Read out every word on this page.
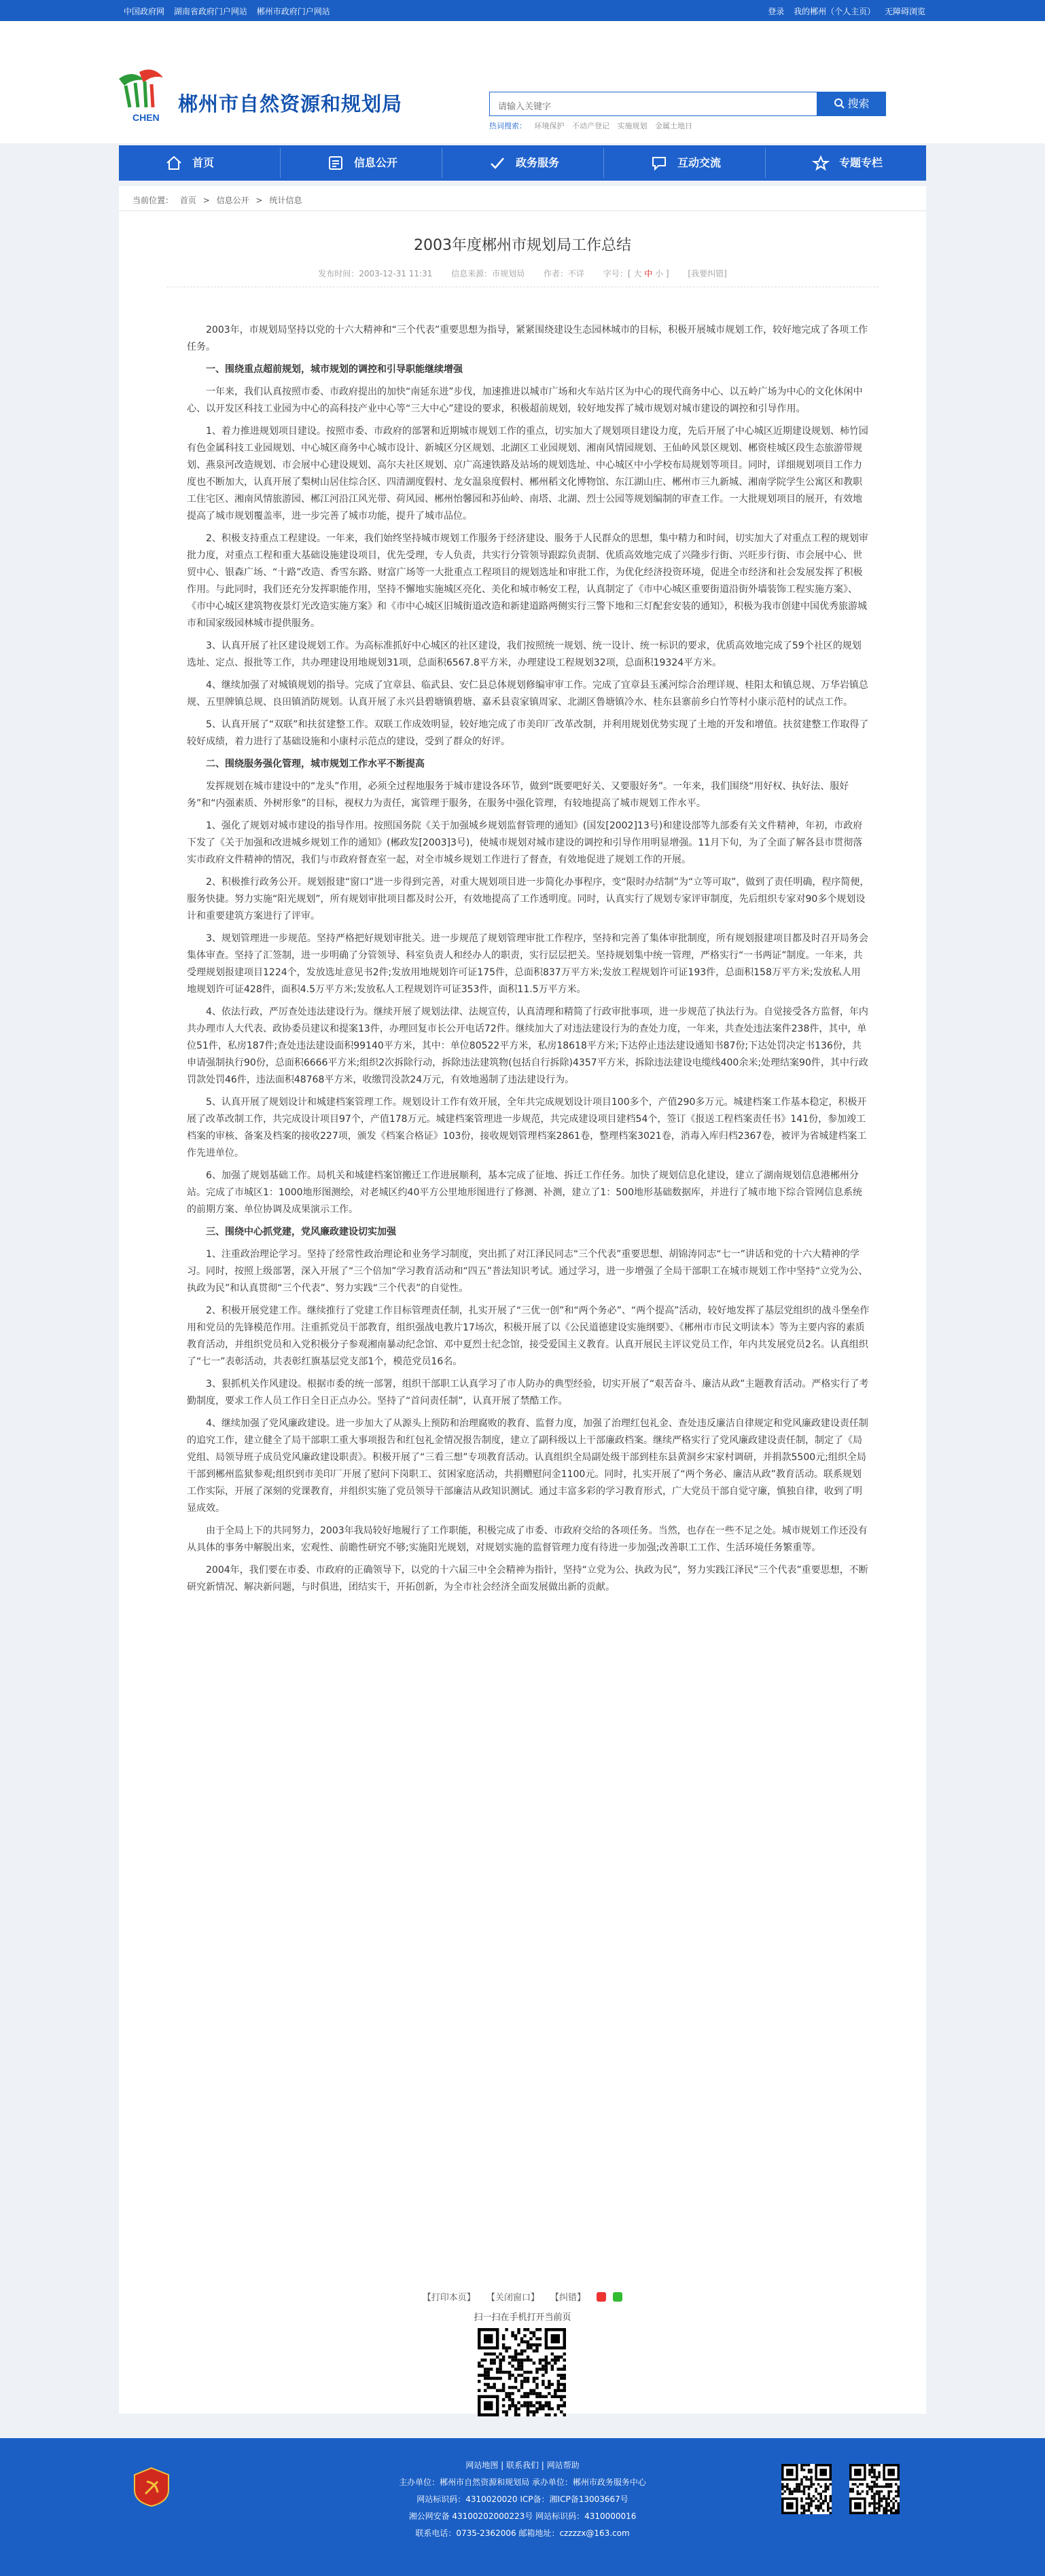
中国政府网 湖南省政府门户网站 郴州市政府门户网站	登录 我的郴州（个人主页） 无障碍浏览
CHEN
郴州市自然资源和规划局	请输入关键字	搜索
热词搜索： 环境保护 不动产登记 实施规划 金属土地日
首页	信息公开	政务服务	互动交流	专题专栏
当前位置： 首页 > 信息公开 > 统计信息
2003年度郴州市规划局工作总结
发布时间：2003-12-31 11:31 信息来源：市规划局 作者：不详 字号：[ 大 中 小 ] [我要纠错]

2003年，市规划局坚持以党的十六大精神和“三个代表”重要思想为指导，紧紧围绕建设生态园林城市的目标，积极开展城市规划工作，较好地完成了各项工作任务。

一、围绕重点超前规划，城市规划的调控和引导职能继续增强

一年来，我们认真按照市委、市政府提出的加快“南延东进”步伐，加速推进以城市广场和火车站片区为中心的现代商务中心、以五岭广场为中心的文化休闲中心、以开发区科技工业园为中心的高科技产业中心等“三大中心”建设的要求，积极超前规划，较好地发挥了城市规划对城市建设的调控和引导作用。

1、着力推进规划项目建设。按照市委、市政府的部署和近期城市规划工作的重点，切实加大了规划项目建设力度，先后开展了中心城区近期建设规划、柿竹园有色金属科技工业园规划、中心城区商务中心城市设计、新城区分区规划、北湖区工业园规划、湘南风情园规划、王仙岭风景区规划、郴资桂城区段生态旅游带规划、燕泉河改造规划、市会展中心建设规划、高尔夫社区规划、京广高速铁路及站场的规划选址、中心城区中小学校布局规划等项目。同时，详细规划项目工作力度也不断加大，认真开展了梨树山居住综合区、四清湖度假村、龙女温泉度假村、郴州稻文化博物馆、东江湖山庄、郴州市三九新城、湘南学院学生公寓区和教职工住宅区、湘南风情旅游园、郴江河沿江风光带、荷风园、郴州怡馨园和苏仙岭、南塔、北湖、烈士公园等规划编制的审查工作。一大批规划项目的展开，有效地提高了城市规划覆盖率，进一步完善了城市功能，提升了城市品位。

2、积极支持重点工程建设。一年来，我们始终坚持城市规划工作服务于经济建设、服务于人民群众的思想，集中精力和时间，切实加大了对重点工程的规划审批力度，对重点工程和重大基础设施建设项目，优先受理，专人负责，共实行分管领导跟踪负责制、优质高效地完成了兴隆步行街、兴旺步行街、市会展中心、世贸中心、银森广场、“十路”改造、香雪东路、财富广场等一大批重点工程项目的规划选址和审批工作，为优化经济投资环境，促进全市经济和社会发展发挥了积极作用。与此同时，我们还充分发挥职能作用，坚持不懈地实施城区亮化、美化和城市畅安工程，认真制定了《市中心城区重要街道沿街外墙装饰工程实施方案》、《市中心城区建筑物夜景灯光改造实施方案》和《市中心城区旧城街道改造和新建道路两侧实行三警下地和三灯配套安装的通知》，积极为我市创建中国优秀旅游城市和国家级园林城市提供服务。

3、认真开展了社区建设规划工作。为高标准抓好中心城区的社区建设，我们按照统一规划、统一设计、统一标识的要求，优质高效地完成了59个社区的规划选址、定点、报批等工作，共办理建设用地规划31项，总面积6567.8平方米，办理建设工程规划32项，总面积19324平方米。

4、继续加强了对城镇规划的指导。完成了宜章县、临武县、安仁县总体规划修编审审工作。完成了宜章县玉溪河综合治理详规、桂阳太和镇总规、万华岩镇总规、五里牌镇总规、良田镇消防规划。认真开展了永兴县碧塘镇碧塘、嘉禾县袁家镇周家、北湖区鲁塘镇冷水、桂东县寨前乡白竹等村小康示范村的试点工作。

5、认真开展了“双联”和扶贫建整工作。双联工作成效明显，较好地完成了市美印厂改革改制，并利用规划优势实现了土地的开发和增值。扶贫建整工作取得了较好成绩，着力进行了基础设施和小康村示范点的建设，受到了群众的好评。

二、围绕服务强化管理，城市规划工作水平不断提高

发挥规划在城市建设中的“龙头”作用，必须全过程地服务于城市建设各环节，做到“既要吧好关、又要服好务”。一年来，我们围绕“用好权、执好法、服好务”和“内强素质、外树形象”的目标，视权力为责任，寓管理于服务，在服务中强化管理，有较地提高了城市规划工作水平。

1、强化了规划对城市建设的指导作用。按照国务院《关于加强城乡规划监督管理的通知》(国发[2002]13号)和建设部等九部委有关文件精神，年初，市政府下发了《关于加强和改进城乡规划工作的通知》(郴政发[2003]3号)，使城市规划对城市建设的调控和引导作用明显增强。11月下旬，为了全面了解各县市贯彻落实市政府文件精神的情况，我们与市政府督查室一起，对全市城乡规划工作进行了督查，有效地促进了规划工作的开展。

2、积极推行政务公开。规划报建“窗口”进一步得到完善，对重大规划项目进一步简化办事程序，变“限时办结制”为“立等可取”，做到了责任明确，程序简便，服务快捷。努力实施“阳光规划”，所有规划审批项目都及时公开，有效地提高了工作透明度。同时，认真实行了规划专家评审制度，先后组织专家对90多个规划设计和重要建筑方案进行了评审。

3、规划管理进一步规范。坚持严格把好规划审批关。进一步规范了规划管理审批工作程序，坚持和完善了集体审批制度，所有规划报建项目都及时召开局务会集体审查。坚持了汇签制，进一步明确了分管领导、科室负责人和经办人的职责，实行层层把关。坚持规划集中统一管理，严格实行“一书两证”制度。一年来，共受理规划报建项目1224个，发放选址意见书2件;发放用地规划许可证175件，总面积837万平方米;发放工程规划许可证193件，总面积158万平方米;发放私人用地规划许可证428件，面积4.5万平方米;发放私人工程规划许可证353件，面积11.5万平方米。

4、依法行政，严厉查处违法建设行为。继续开展了规划法律、法规宣传，认真清理和精简了行政审批事项，进一步规范了执法行为。自觉接受各方监督，年内共办理市人大代表、政协委员建议和提案13件，办理回复市长公开电话72件。继续加大了对违法建设行为的查处力度，一年来，共查处违法案件238件，其中，单位51件，私房187件;查处违法建设面积99140平方米，其中：单位80522平方米，私房18618平方米;下达停止违法建设通知书87份;下达处罚决定书136份，共申请强制执行90份，总面积6666平方米;组织2次拆除行动，拆除违法建筑物(包括自行拆除)4357平方米，拆除违法建设电缆线400余米;处理结案90件，其中行政罚款处罚46件，违法面积48768平方米，收缴罚没款24万元，有效地遏制了违法建设行为。

5、认真开展了规划设计和城建档案管理工作。规划设计工作有效开展，全年共完成规划设计项目100多个，产值290多万元。城建档案工作基本稳定，积极开展了改革改制工作，共完成设计项目97个，产值178万元。城建档案管理进一步规范，共完成建设项目建档54个，签订《报送工程档案责任书》141份，参加竣工档案的审核、备案及档案的接收227项，颁发《档案合格证》103份，接收规划管理档案2861卷，整理档案3021卷，消毒入库归档2367卷，被评为省城建档案工作先进单位。

6、加强了规划基础工作。局机关和城建档案馆搬迁工作进展顺利，基本完成了征地、拆迁工作任务。加快了规划信息化建设，建立了湖南规划信息港郴州分站。完成了市城区1：1000地形图测绘，对老城区约40平方公里地形图进行了修测、补测，建立了1：500地形基础数据库，并进行了城市地下综合管网信息系统的前期方案、单位协调及成果演示工作。

三、围绕中心抓党建，党风廉政建设切实加强

1、注重政治理论学习。坚持了经常性政治理论和业务学习制度，突出抓了对江泽民同志“三个代表”重要思想、胡锦涛同志“七一”讲话和党的十六大精神的学习。同时，按照上级部署，深入开展了“三个倍加”学习教育活动和“四五”普法知识考试。通过学习，进一步增强了全局干部职工在城市规划工作中坚持“立党为公、执政为民”和认真贯彻“三个代表”、努力实践“三个代表”的自觉性。

2、积极开展党建工作。继续推行了党建工作目标管理责任制，扎实开展了“三优一创”和“两个务必”、“两个提高”活动，较好地发挥了基层党组织的战斗堡垒作用和党员的先锋模范作用。注重抓党员干部教育，组织强战电教片17场次，积极开展了以《公民道德建设实施纲要》、《郴州市市民文明读本》等为主要内容的素质教育活动，并组织党员和入党积极分子参观湘南暴动纪念馆、邓中夏烈士纪念馆，接受爱国主义教育。认真开展民主评议党员工作，年内共发展党员2名。认真组织了“七一”表彰活动，共表彰红旗基层党支部1个，模范党员16名。

3、狠抓机关作风建设。根据市委的统一部署，组织干部职工认真学习了市人防办的典型经验，切实开展了“艰苦奋斗、廉洁从政”主题教育活动。严格实行了考勤制度，要求工作人员工作日全日正点办公。坚持了“首问责任制”，认真开展了禁酷工作。

4、继续加强了党风廉政建设。进一步加大了从源头上预防和治理腐败的教育、监督力度，加强了治理红包礼金、查处违反廉洁自律规定和党风廉政建设责任制的追究工作，建立健全了局干部职工重大事项报告和红包礼金情况报告制度，建立了副科级以上干部廉政档案。继续严格实行了党风廉政建设责任制，制定了《局党组、局领导班子成员党风廉政建设职责》。积极开展了“三看三想”专项教育活动。认真组织全局副处级干部到桂东县黄洞乡宋家村调研，并捐款5500元;组织全局干部到郴州监狱参观;组织到市美印厂开展了慰问下岗职工、贫困家庭活动，共捐赠慰问金1100元。同时，扎实开展了“两个务必、廉洁从政”教育活动。联系规划工作实际，开展了深刻的党课教育，并组织实施了党员领导干部廉洁从政知识测试。通过丰富多彩的学习教育形式，广大党员干部自觉守廉，慎独自律，收到了明显成效。

由于全局上下的共同努力，2003年我局较好地履行了工作职能，积极完成了市委、市政府交给的各项任务。当然，也存在一些不足之处。城市规划工作还没有从具体的事务中解脱出来，宏观性、前瞻性研究不够;实施阳光规划，对规划实施的监督管理力度有待进一步加强;改善职工工作、生活环境任务繁重等。

2004年，我们要在市委、市政府的正确领导下，以党的十六届三中全会精神为指针，坚持“立党为公、执政为民”，努力实践江泽民“三个代表”重要思想，不断研究新情况、解决新问题，与时俱进，团结实干，开拓创新，为全市社会经济全面发展做出新的贡献。

【打印本页】 【关闭窗口】 【纠错】
扫一扫在手机打开当前页
网站地图 | 联系我们 | 网站帮助
主办单位：郴州市自然资源和规划局 承办单位：郴州市政务服务中心
网站标识码：4310020020 ICP备：湘ICP备13003667号
湘公网安备 43100202000223号 网站标识码：4310000016
联系电话：0735-2362006 邮箱地址：czzzzx@163.com
